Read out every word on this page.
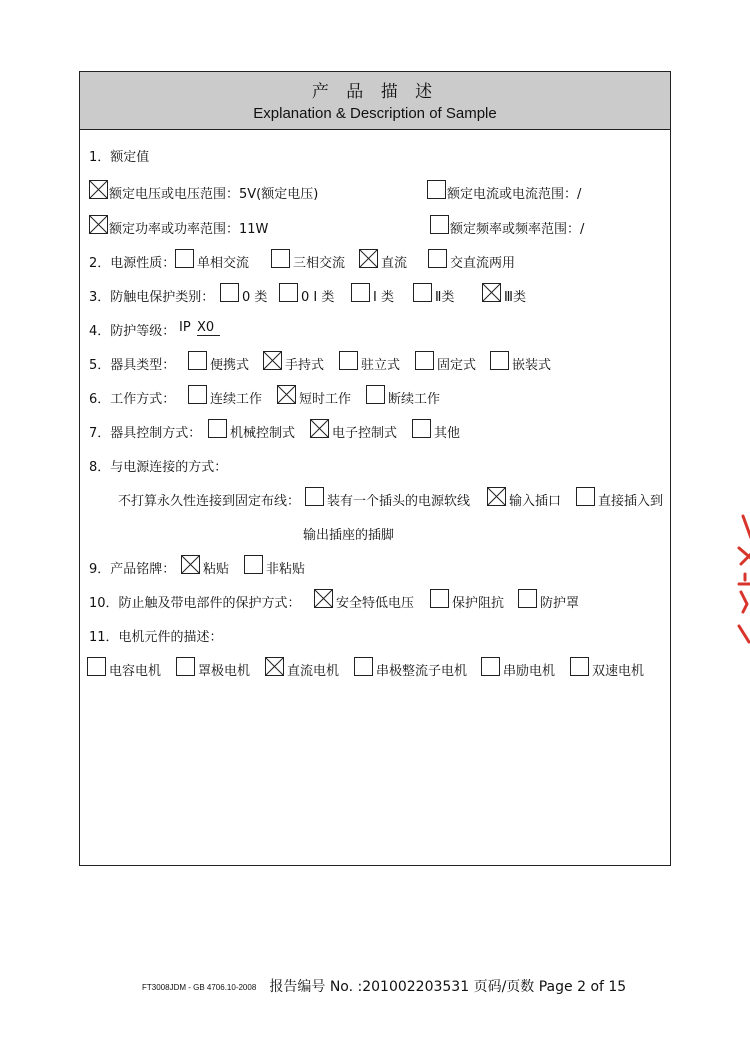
产 品 描 述
Explanation & Description of Sample
1．额定值
额定电压或电压范围：5V(额定电压)	额定电流或电流范围：/
额定功率或功率范围：11W	额定频率或频率范围：/
2．电源性质： 单相交流	三相交流	直流	交直流两用
3．防触电保护类别： 0 类	0 I 类	I 类	Ⅱ类	Ⅲ类
4．防护等级： IP X0
5．器具类型：	便携式	手持式	驻立式	固定式	嵌装式
6．工作方式：	连续工作	短时工作	断续工作
7．器具控制方式： 机械控制式	电子控制式	其他
8．与电源连接的方式：
不打算永久性连接到固定布线： 装有一个插头的电源软线	输入插口	直接插入到
输出插座的插脚
9．产品铭牌： 粘贴	非粘贴
10．防止触及带电部件的保护方式：	安全特低电压	保护阻抗	防护罩
11．电机元件的描述：
电容电机	罩极电机	直流电机	串极整流子电机	串励电机	双速电机
FT3008JDM - GB 4706.10-2008 报告编号 No. :201002203531 页码/页数 Page 2 of 15
